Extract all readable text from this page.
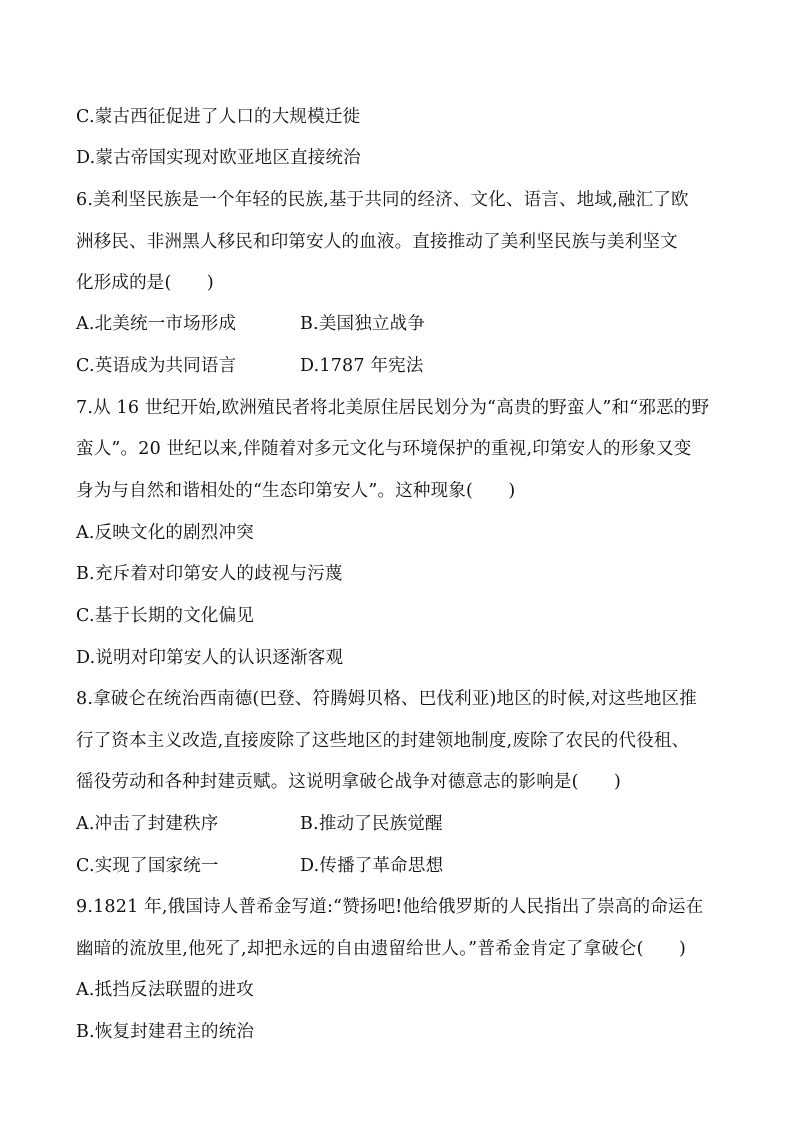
C.蒙古西征促进了人口的大规模迁徙
D.蒙古帝国实现对欧亚地区直接统治
6.美利坚民族是一个年轻的民族,基于共同的经济、文化、语言、地域,融汇了欧
洲移民、非洲黑人移民和印第安人的血液。直接推动了美利坚民族与美利坚文
化形成的是(　　)
A.北美统一市场形成	B.美国独立战争
C.英语成为共同语言	D.1787 年宪法
7.从 16 世纪开始,欧洲殖民者将北美原住居民划分为“高贵的野蛮人”和“邪恶的野
蛮人”。20 世纪以来,伴随着对多元文化与环境保护的重视,印第安人的形象又变
身为与自然和谐相处的“生态印第安人”。这种现象(　　)
A.反映文化的剧烈冲突
B.充斥着对印第安人的歧视与污蔑
C.基于长期的文化偏见
D.说明对印第安人的认识逐渐客观
8.拿破仑在统治西南德(巴登、符腾姆贝格、巴伐利亚)地区的时候,对这些地区推
行了资本主义改造,直接废除了这些地区的封建领地制度,废除了农民的代役租、
徭役劳动和各种封建贡赋。这说明拿破仑战争对德意志的影响是(　　)
A.冲击了封建秩序	B.推动了民族觉醒
C.实现了国家统一	D.传播了革命思想
9.1821 年,俄国诗人普希金写道:“赞扬吧!他给俄罗斯的人民指出了崇高的命运在
幽暗的流放里,他死了,却把永远的自由遗留给世人。”普希金肯定了拿破仑(　　)
A.抵挡反法联盟的进攻
B.恢复封建君主的统治
